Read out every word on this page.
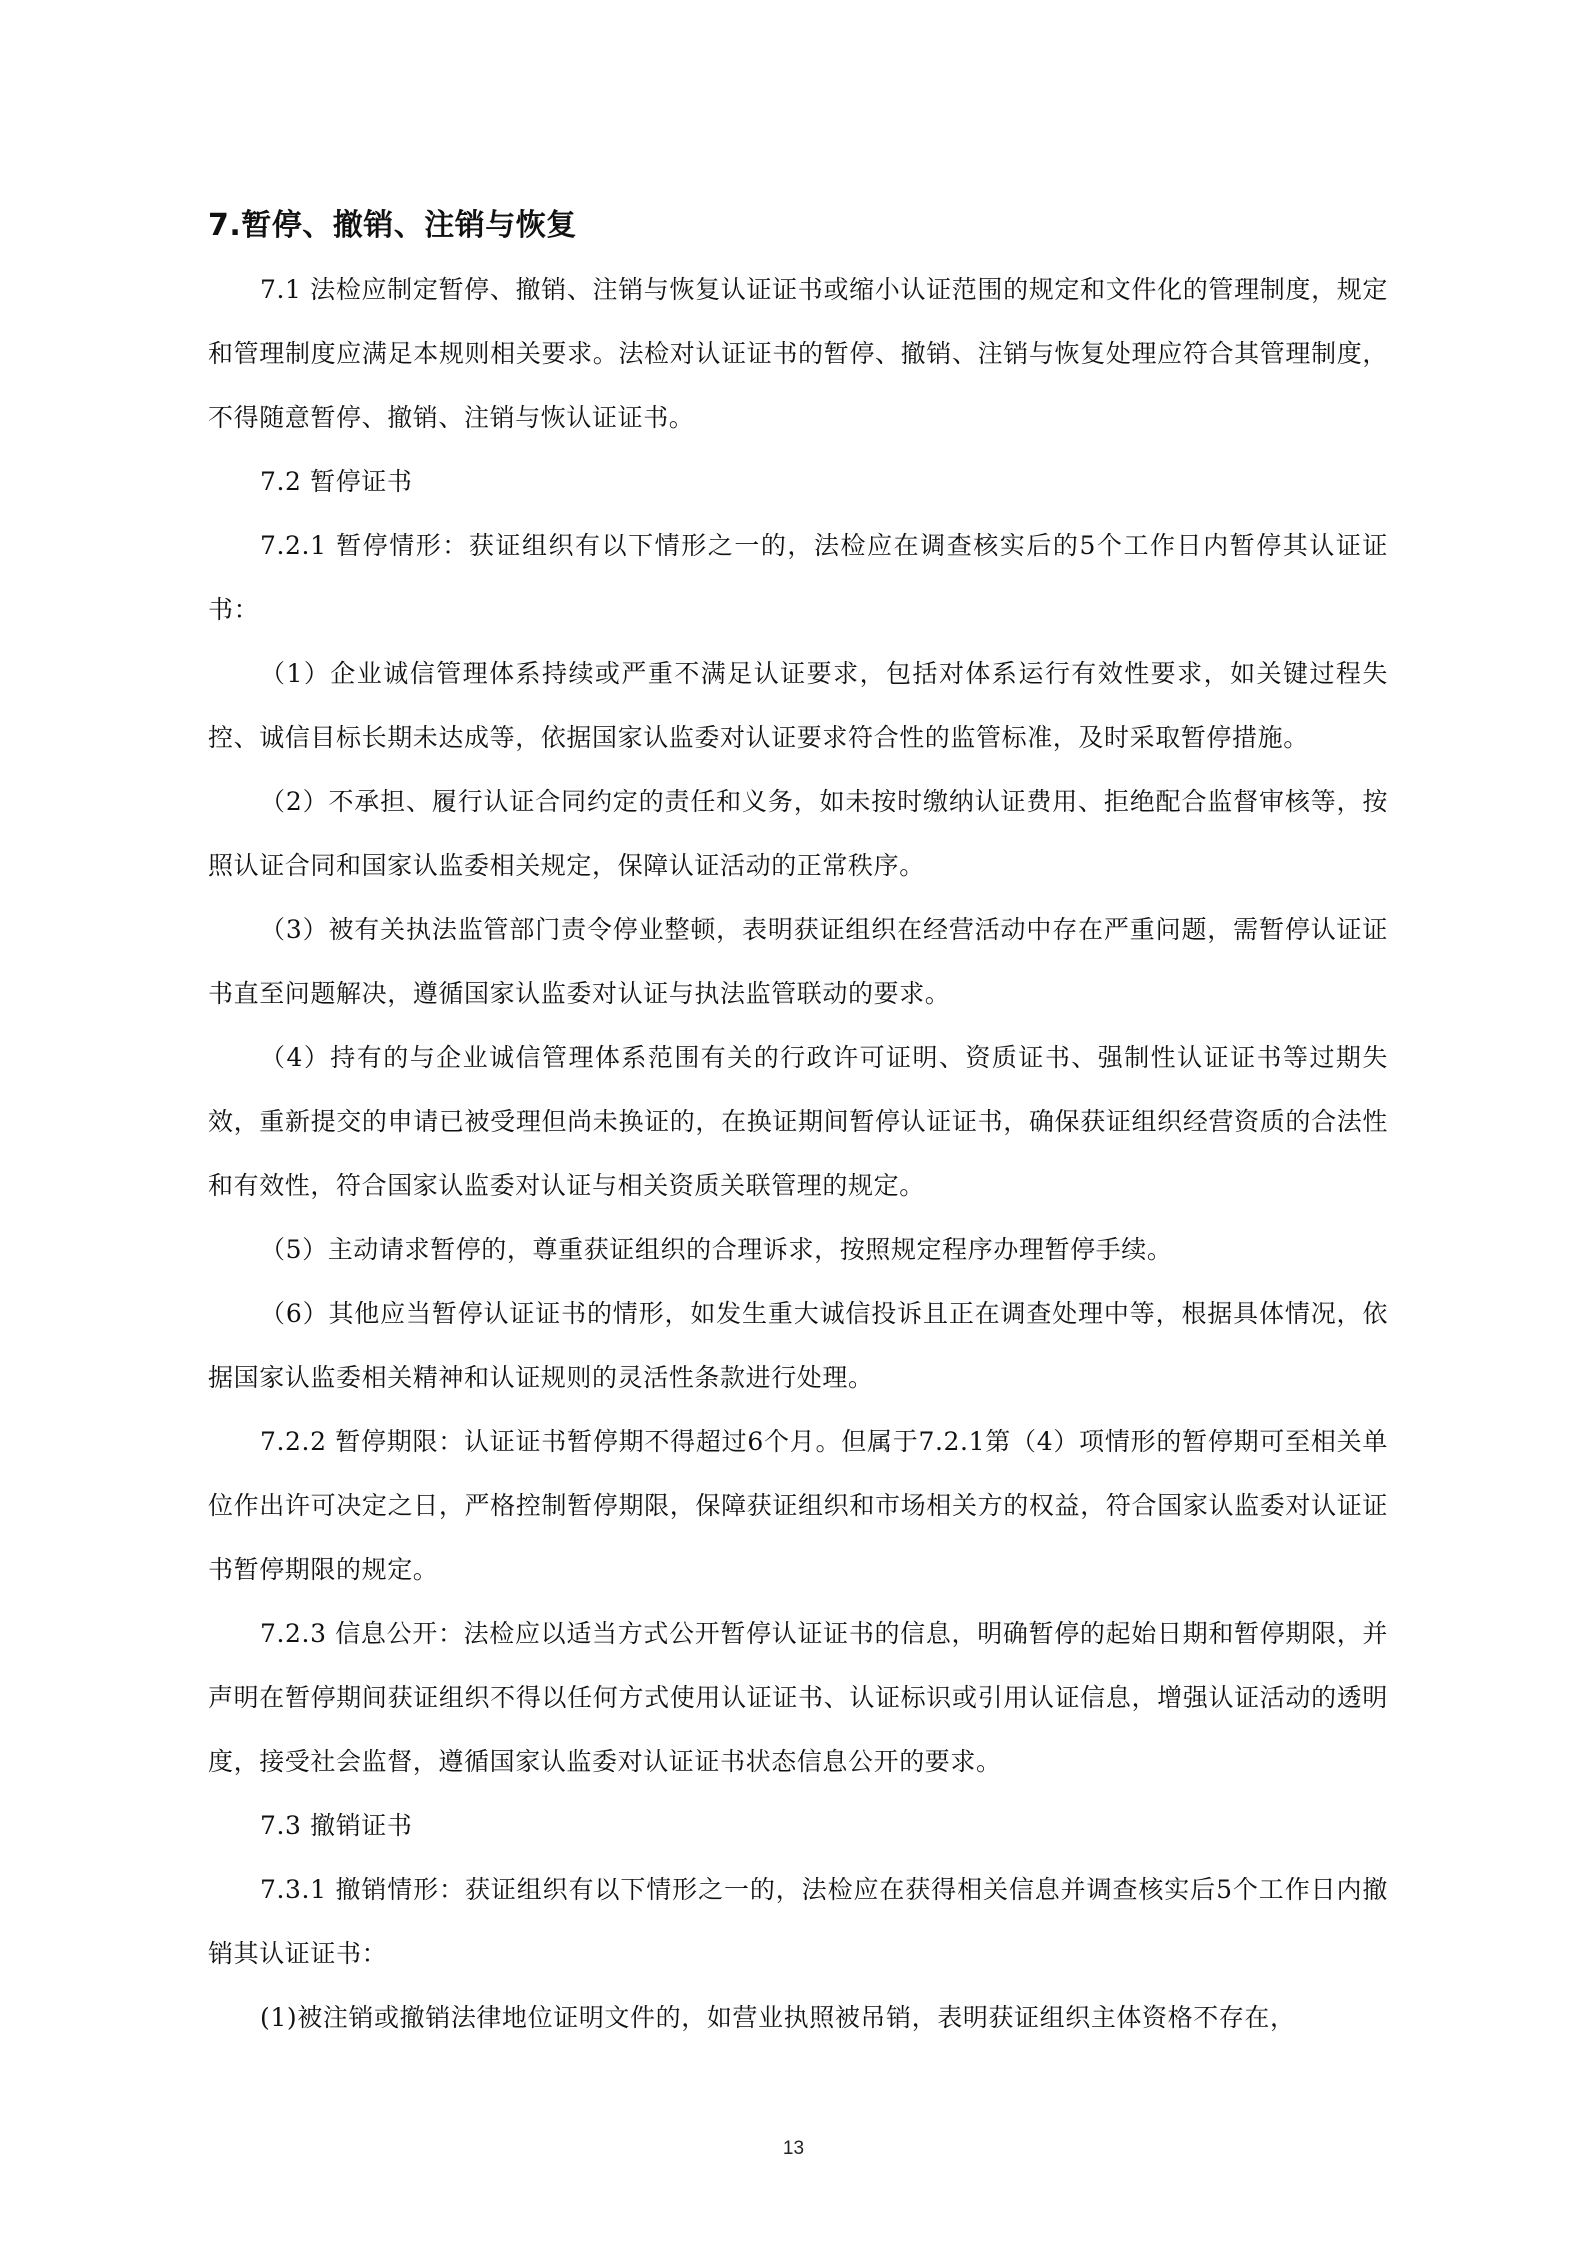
7.暂停、撤销、注销与恢复

7.1 法检应制定暂停、撤销、注销与恢复认证证书或缩小认证范围的规定和文件化的管理制度，规定和管理制度应满足本规则相关要求。法检对认证证书的暂停、撤销、注销与恢复处理应符合其管理制度，不得随意暂停、撤销、注销与恢认证证书。

7.2 暂停证书

7.2.1 暂停情形：获证组织有以下情形之一的，法检应在调查核实后的5个工作日内暂停其认证证书：

（1）企业诚信管理体系持续或严重不满足认证要求，包括对体系运行有效性要求，如关键过程失控、诚信目标长期未达成等，依据国家认监委对认证要求符合性的监管标准，及时采取暂停措施。

（2）不承担、履行认证合同约定的责任和义务，如未按时缴纳认证费用、拒绝配合监督审核等，按照认证合同和国家认监委相关规定，保障认证活动的正常秩序。

（3）被有关执法监管部门责令停业整顿，表明获证组织在经营活动中存在严重问题，需暂停认证证书直至问题解决，遵循国家认监委对认证与执法监管联动的要求。

（4）持有的与企业诚信管理体系范围有关的行政许可证明、资质证书、强制性认证证书等过期失效，重新提交的申请已被受理但尚未换证的，在换证期间暂停认证证书，确保获证组织经营资质的合法性和有效性，符合国家认监委对认证与相关资质关联管理的规定。

（5）主动请求暂停的，尊重获证组织的合理诉求，按照规定程序办理暂停手续。

（6）其他应当暂停认证证书的情形，如发生重大诚信投诉且正在调查处理中等，根据具体情况，依据国家认监委相关精神和认证规则的灵活性条款进行处理。

7.2.2 暂停期限：认证证书暂停期不得超过6个月。但属于7.2.1第（4）项情形的暂停期可至相关单位作出许可决定之日，严格控制暂停期限，保障获证组织和市场相关方的权益，符合国家认监委对认证证书暂停期限的规定。

7.2.3 信息公开：法检应以适当方式公开暂停认证证书的信息，明确暂停的起始日期和暂停期限，并声明在暂停期间获证组织不得以任何方式使用认证证书、认证标识或引用认证信息，增强认证活动的透明度，接受社会监督，遵循国家认监委对认证证书状态信息公开的要求。

7.3 撤销证书

7.3.1 撤销情形：获证组织有以下情形之一的，法检应在获得相关信息并调查核实后5个工作日内撤销其认证证书：

(1)被注销或撤销法律地位证明文件的，如营业执照被吊销，表明获证组织主体资格不存在，

13
